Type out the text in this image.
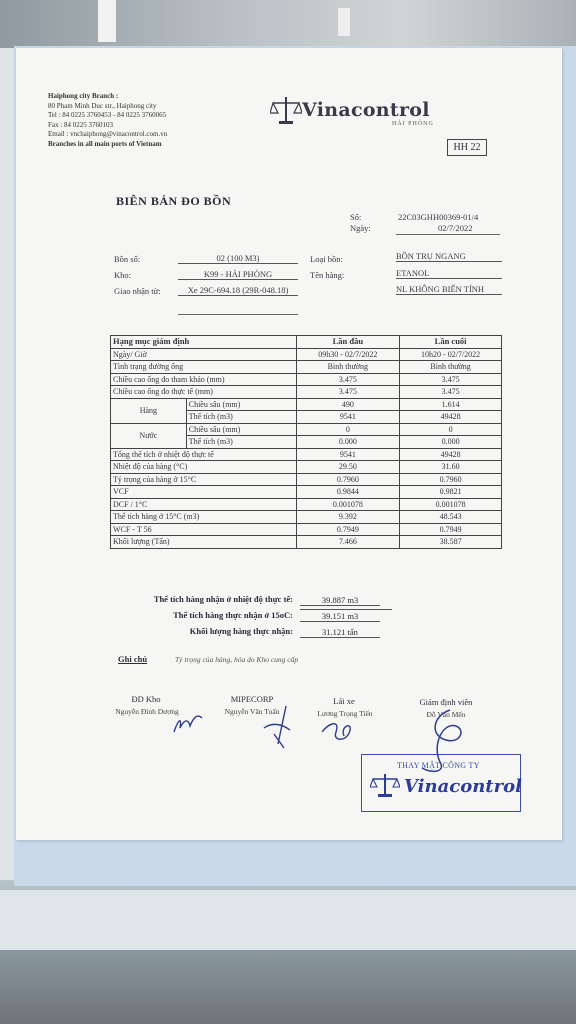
Haiphong city Branch :
80 Pham Minh Duc str., Haiphong city
Tel : 84 0225 3760453 - 84 0225 3760065
Fax : 84 0225 3760103
Email : vnchaiphong@vinacontrol.com.vn
Branches in all main ports of Vietnam
Vinacontrol
HẢI PHÒNG
HH 22
BIÊN BẢN ĐO BỒN
Số:	22C03GHH00369-01/4
Ngày:	02/7/2022
Bồn số:	02 (100 M3)
Kho:	K99 - HẢI PHÒNG
Giao nhận từ:	Xe 29C-694.18 (29R-048.18)
Loại bồn:	BỒN TRỤ NGANG
Tên hàng:	ETANOL
NL KHÔNG BIẾN TÍNH
Hạng mục giám định		Lần đầu	Lần cuối
Ngày/ Giờ		09h30 - 02/7/2022	10h20 - 02/7/2022
Tình trạng đường ống		Bình thường	Bình thường
Chiều cao ống đo tham khảo (mm)		3.475	3.475
Chiều cao ống đo thực tế (mm)		3.475	3.475
Hàng	Chiều sâu (mm)	490	1.614
	Thể tích (m3)	9541	49428
Nước	Chiều sâu (mm)	0	0
	Thể tích (m3)	0.000	0.000
Tổng thể tích ở nhiệt độ thực tế		9541	49428
Nhiệt độ của hàng (°C)		29.50	31.60
Tỷ trọng của hàng ở 15°C		0.7960	0.7960
VCF		0.9844	0.9821
DCF / 1°C		0.001078	0.001078
Thể tích hàng ở 15°C (m3)		9.392	48.543
WCF - T 56		0.7949	0.7949
Khối lượng (Tấn)		7.466	38.587
Thể tích hàng nhận ở nhiệt độ thực tế:	39.887 m3
Thể tích hàng thực nhận ở 15oC:	39.151 m3
Khối lượng hàng thực nhận:	31.121 tấn
Ghi chú	Tỷ trọng của hàng, hóa do Kho cung cấp
ĐD Kho
Nguyễn Đình Dương
MIPECORP
Nguyễn Văn Tuấn
Lái xe
Lương Trọng Tiến
Giám định viên
Đỗ Văn Mến
THAY MẶT CÔNG TY
Vinacontrol
